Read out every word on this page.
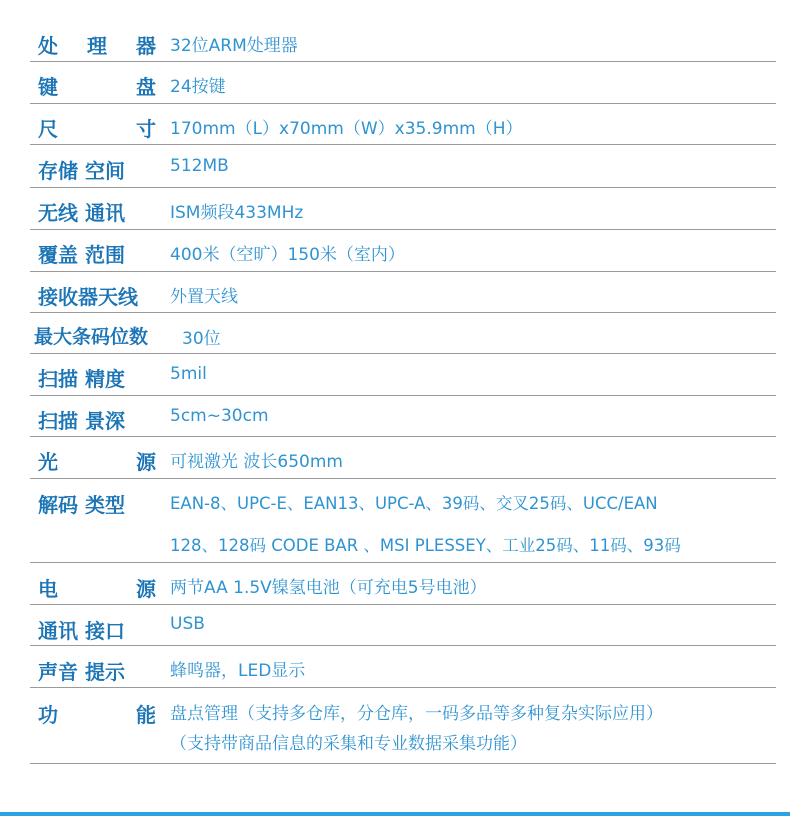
处 理 器 32位ARM处理器
键	盘 24按键
尺	寸 170mm（L）x70mm（W）x35.9mm（H）
存储 空间	512MB
无线 通讯	ISM频段433MHz
覆盖 范围	400米（空旷）150米（室内）
接收器天线 外置天线
最大条码位数 30位
扫描 精度	5mil
扫描 景深	5cm~30cm
光	源 可视激光 波长650mm
解码 类型	EAN-8、UPC-E、EAN13、UPC-A、39码、交叉25码、UCC/EAN
128、128码 CODE BAR 、MSI PLESSEY、工业25码、11码、93码
电	源 两节AA 1.5V镍氢电池（可充电5号电池）
通讯 接口	USB
声音 提示	蜂鸣器，LED显示
功	能 盘点管理（支持多仓库，分仓库，一码多品等多种复杂实际应用）
（支持带商品信息的采集和专业数据采集功能）
